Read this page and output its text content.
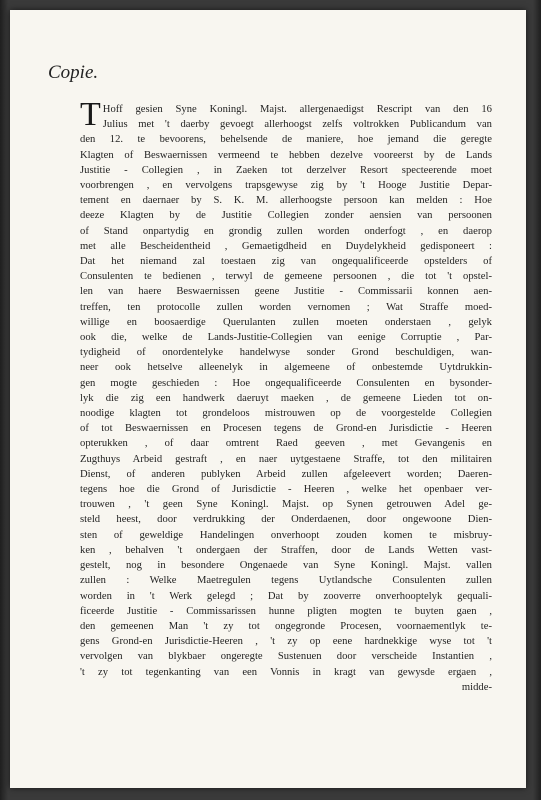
Copie.
T Hoff gesien Syne Koningl. Majst. allergenaedigst Rescript van den 16
Julius met 't daerby gevoegt allerhoogst zelfs voltrokken Publicandum van
den 12. te bevoorens, behelsende de maniere, hoe jemand die geregte
Klagten of Beswaernissen vermeend te hebben dezelve vooreerst by de Lands
Justitie - Collegien , in Zaeken tot derzelver Resort specteerende moet
voorbrengen , en vervolgens trapsgewyse zig by 't Hooge Justitie Depar-
tement en daernaer by S. K. M. allerhoogste persoon kan melden : Hoe
deeze Klagten by de Justitie Collegien zonder aensien van persoonen
of Stand onpartydig en grondig zullen worden onderfogt , en daerop
met alle Bescheidentheid , Gemaetigdheid en Duydelykheid gedisponeert :
Dat het niemand zal toestaen zig van ongequalificeerde opstelders of
Consulenten te bedienen , terwyl de gemeene persoonen , die tot 't opstel-
len van haere Beswaernissen geene Justitie - Commissarii konnen aen-
treffen, ten protocolle zullen worden vernomen ; Wat Straffe moed-
willige en boosaerdige Querulanten zullen moeten onderstaen , gelyk
ook die, welke de Lands-Justitie-Collegien van eenige Corruptie , Par-
tydigheid of onordentelyke handelwyse sonder Grond beschuldigen, wan-
neer ook hetselve alleenelyk in algemeene of onbestemde Uytdrukkin-
gen mogte geschieden : Hoe ongequalificeerde Consulenten en bysonder-
lyk die zig een handwerk daeruyt maeken , de gemeene Lieden tot on-
noodige klagten tot grondeloos mistrouwen op de voorgestelde Collegien
of tot Beswaernissen en Procesen tegens de Grond-en Jurisdictie - Heeren
opterukken , of daar omtrent Raed geeven , met Gevangenis en
Zugthuys Arbeid gestraft , en naer uytgestaene Straffe, tot den militairen
Dienst, of anderen publyken Arbeid zullen afgeleevert worden; Daeren-
tegens hoe die Grond of Jurisdictie - Heeren , welke het openbaer ver-
trouwen , 't geen Syne Koningl. Majst. op Synen getrouwen Adel ge-
steld heest, door verdrukking der Onderdaenen, door ongewoone Dien-
sten of geweldige Handelingen onverhoopt zouden komen te misbruy-
ken , behalven 't ondergaen der Straffen, door de Lands Wetten vast-
gestelt, nog in besondere Ongenaede van Syne Koningl. Majst. vallen
zullen : Welke Maetregulen tegens Uytlandsche Consulenten zullen
worden in 't Werk gelegd ; Dat by zooverre onverhooptelyk gequali-
ficeerde Justitie - Commissarissen hunne pligten mogten te buyten gaen ,
den gemeenen Man 't zy tot ongegronde Procesen, voornaementlyk te-
gens Grond-en Jurisdictie-Heeren , 't zy op eene hardnekkige wyse tot 't
vervolgen van blykbaer ongeregte Sustenuen door verscheide Instantien ,
't zy tot tegenkanting van een Vonnis in kragt van gewysde ergaen ,
midde-
